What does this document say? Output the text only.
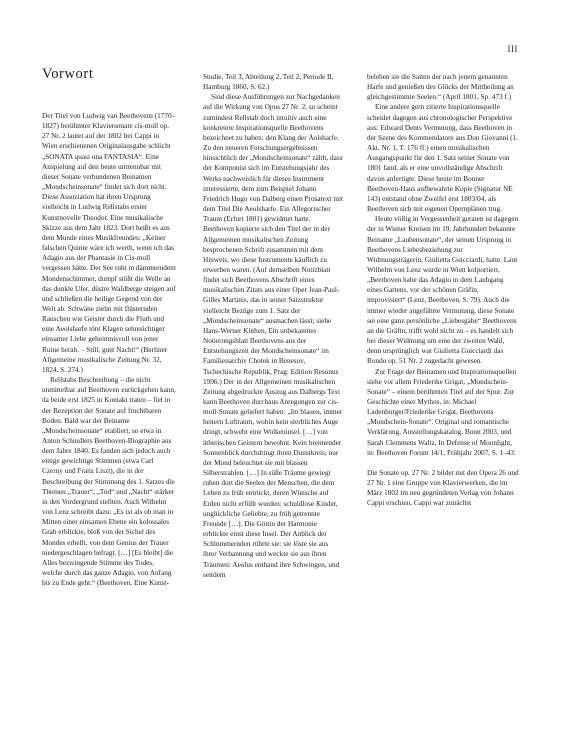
III
Vorwort

Der Titel von Ludwig van Beethovens (1770–1827) berühmter Klaviersonate cis-moll op. 27 Nr. 2 lautet auf der 1802 bei Cappi in Wien erschienenen Originalausgabe schlicht „SONATA quasi una FANTASIA“. Eine Anspielung auf den heute untrennbar mit dieser Sonate verbundenen Beinamen „Mondscheinsonate“ findet sich dort nicht. Diese Assoziation hat ihren Ursprung vielleicht in Ludwig Rellstabs erster Kunstnovelle Theodor. Eine musikalische Skizze aus dem Jahr 1823. Dort heißt es aus dem Munde eines Musikfreundes: „Keiner falschen Quinte wäre ich werth, wenn ich das Adagio aus der Phantasie in Cis-moll vergessen hätte. Der See ruht in dämmerndem Mondenschimmer, dumpf stößt die Welle an das dunkle Ufer, düstre Waldberge steigen auf und schließen die heilige Gegend von der Welt ab. Schwäne ziehn mit flüsternden Rauschen wie Geister durch die Fluth und eine Aeolsharfe tönt Klagen sehnsüchtiger einsamer Liebe geheimnisvoll von jener Ruine herab. – Still, gute Nacht!“ (Berliner Allgemeine musikalische Zeitung Nr. 32, 1824, S. 274.)

Rellstabs Beschreibung – die nicht unmittelbar auf Beethoven zurückgehen kann, da beide erst 1825 in Kontakt traten – fiel in der Rezeption der Sonate auf fruchtbaren Boden. Bald war der Beiname „Mondscheinsonate“ etabliert, so etwa in Anton Schindlers Beethoven-Biographie aus dem Jahre 1840. Es fanden sich jedoch auch einige gewichtige Stimmen (etwa Carl Czerny und Franz Liszt), die in der Beschreibung der Stimmung des 1. Satzes die Themen „Trauer“, „Tod“ und „Nacht“ stärker in den Vordergrund stellten. Auch Wilhelm von Lenz schreibt dazu: „Es ist als ob man in Mitten einer einsamen Ebene ein kolossales Grab erblickte, bloß von der Sichel des Mondes erhellt, von dem Genius der Trauer niedergeschlagen befragt. […] [Es bleibt] die Alles bezwingende Stimme des Todes, welche durch das ganze Adagio, von Anfang bis zu Ende geht.“ (Beethoven. Eine Kunst-

Studie, Teil 3, Abteilung 2, Teil 2, Periode II, Hamburg 1860, S. 62.)

Sind diese Ausführungen zur Nachgedanken auf die Wirkung von Opus 27 Nr. 2, so scheint zumindest Rellstab doch intuitiv auch eine konkretere Inspirationsquelle Beethovens bezeichnet zu haben: den Klang der Äolsharfe. Zu den neueren Forschungsergebnissen hinsichtlich der „Mondscheinsonate“ zählt, dass der Komponist sich im Entstehungsjahr des Werks nachweislich für dieses Instrument interessierte, dem zum Beispiel Johann Friedrich Hugo von Dalberg einen Prosatext mit dem Titel Die Aeolsharfe. Ein Allegorischer Traum (Erfurt 1801) gewidmet hatte. Beethoven kopierte sich den Titel der in der Allgemeinen musikalischen Zeitung besprochenen Schrift zusammen mit dem Hinweis, wo diese Instrumente käuflich zu erwerben waren. (Auf demselben Notizblatt findet sich Beethovens Abschrift eines musikalischen Zitats aus einer Oper Jean-Paul-Gilles Martinis, das in seiner Satzstruktur vielleicht Bezüge zum 1. Satz der „Mondscheinsonate“ ausmachen lässt; siehe Hans-Werner Küthen, Ein unbekanntes Notierungsblatt Beethovens aus der Entstehungszeit der Mondscheinsonate“ im Familienarchiv Chotek in Benesov, Tschechische Republik, Prag: Edition Resonus 1996.) Der in der Allgemeinen musikalischen Zeitung abgedruckte Auszug aus Dalbergs Text kann Beethoven durchaus Anregungen zur cis-moll-Sonate geliefert haben: „Im blauen, immer heitern Luftraum, wohin kein sterbliches Auge dringt, schwebt eine Wolkeninsel. […] von ätherischen Geistern bewohnt. Kein brennender Sonnenblick durchdringt ihren Dunstkreis; nur der Mond beleuchtet sie mit blassen Silberstrahlen. […] In süße Träume gewiegt ruhen dort die Seelen der Menschen, die dem Leben zu früh entrückt, deren Wünsche auf Erden nicht erfüllt wurden: schuldlose Kinder, unglückliche Geliebte, zu früh getrennte Freunde […]. Die Göttin der Harmonie erblickte einst diese Insel. Der Anblick der Schlummernden rührte sie: sie löste sie aus ihrer Verbannung und weckte sie aus ihren Träumen: Aeolus entband ihre Schwingen, und seitdem

beleben sie die Saiten der nach jenem genannten Harfe und genießen des Glücks der Mittheilung an gleichgestimmte Seelen.“ (April 1801, Sp. 473 f.)

Eine andere gern zitierte Inspirationsquelle scheidet dagegen aus chronologischer Perspektive aus: Edward Dents Vermutung, dass Beethoven in der Szene des Kommendatore aus Don Giovanni (1. Akt, Nr. 1, T. 176 ff.) einen musikalischen Ausgangspunkt für den 1. Satz seiner Sonate von 1801 fand, als er eine unvollständige Abschrift davon anfertigte. Diese heute im Bonner Beethoven-Haus aufbewahrte Kopie (Signatur NE 143) entstand ohne Zweifel erst 1803/04, als Beethoven sich mit eigenen Opernplänen trug.

Heute völlig in Vergessenheit geraten ist dagegen der in Wiener Kreisen im 19. Jahrhundert bekannte Beiname „Laubensonate“, der seinen Ursprung in Beethovens Liebesbeziehung zur Widmungsträgerin, Giulietta Guicciardi, hatte. Laut Wilhelm von Lenz wurde in Wien kolportiert, „Beethoven habe das Adagio in dem Laubgang eines Gartens, vor der schönen Gräfin, improvisiert“ (Lenz, Beethoven, S. 79). Auch die immer wieder angeführte Vermutung, diese Sonate sei eine ganz persönliche „Liebesgabe“ Beethovens an die Gräfin, trifft wohl nicht zu – es handelt sich bei dieser Widmung um eine der zweiten Wahl, denn ursprünglich war Giulietta Guicciardi das Rondo op. 51 Nr. 2 zugedacht gewesen.

Zur Frage der Beinamen und Inspirationsquellen siehe vor allem Friederike Grigat, „Mondschein-Sonate“ – einem berühmten Titel auf der Spur. Zur Geschichte einer Mythos, in: Michael Ladenburger/Friederike Grigat, Beethovens „Mondschein-Sonate“. Original und romantische Verklärung, Ausstellungskatalog, Bonn 2003, und Sarah Clemmens Waltz, In Defense of Moonlight, in: Beethoven Forum 14/1, Frühjahr 2007, S. 1–43.

Die Sonate op. 27 Nr. 2 bildet mit den Opera 26 und 27 Nr. 1 eine Gruppe von Klavierwerken, die im März 1802 im neu gegründeten Verlag von Johann Cappi erschien. Cappi war zunächst
